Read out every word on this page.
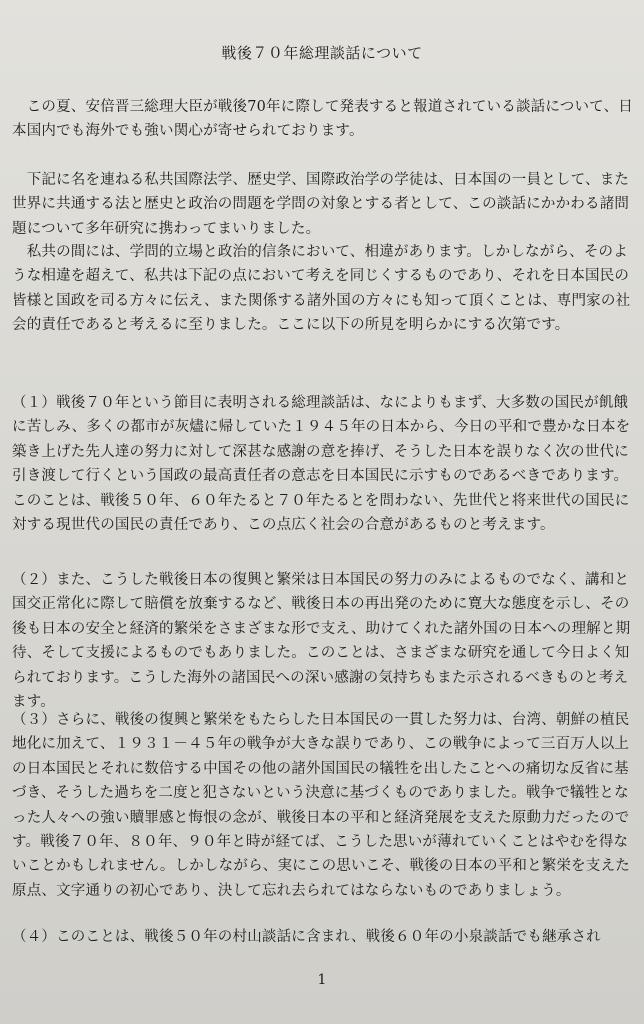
戦後７０年総理談話について

　この夏、安倍晋三総理大臣が戦後70年に際して発表すると報道されている談話について、日本国内でも海外でも強い関心が寄せられております。

　下記に名を連ねる私共国際法学、歴史学、国際政治学の学徒は、日本国の一員として、また世界に共通する法と歴史と政治の問題を学問の対象とする者として、この談話にかかわる諸問題について多年研究に携わってまいりました。

　私共の間には、学問的立場と政治的信条において、相違があります。しかしながら、そのような相違を超えて、私共は下記の点において考えを同じくするものであり、それを日本国民の皆様と国政を司る方々に伝え、また関係する諸外国の方々にも知って頂くことは、専門家の社会的責任であると考えるに至りました。ここに以下の所見を明らかにする次第です。

（１）戦後７０年という節目に表明される総理談話は、なによりもまず、大多数の国民が飢餓に苦しみ、多くの都市が灰燼に帰していた１９４５年の日本から、今日の平和で豊かな日本を築き上げた先人達の努力に対して深甚な感謝の意を捧げ、そうした日本を誤りなく次の世代に引き渡して行くという国政の最高責任者の意志を日本国民に示すものであるべきであります。このことは、戦後５０年、６０年たると７０年たるとを問わない、先世代と将来世代の国民に対する現世代の国民の責任であり、この点広く社会の合意があるものと考えます。

（２）また、こうした戦後日本の復興と繁栄は日本国民の努力のみによるものでなく、講和と国交正常化に際して賠償を放棄するなど、戦後日本の再出発のために寛大な態度を示し、その後も日本の安全と経済的繁栄をさまざまな形で支え、助けてくれた諸外国の日本への理解と期待、そして支援によるものでもありました。このことは、さまざまな研究を通して今日よく知られております。こうした海外の諸国民への深い感謝の気持ちもまた示されるべきものと考えます。

（３）さらに、戦後の復興と繁栄をもたらした日本国民の一貫した努力は、台湾、朝鮮の植民地化に加えて、１９３１－４５年の戦争が大きな誤りであり、この戦争によって三百万人以上の日本国民とそれに数倍する中国その他の諸外国国民の犠牲を出したことへの痛切な反省に基づき、そうした過ちを二度と犯さないという決意に基づくものでありました。戦争で犠牲となった人々への強い贖罪感と悔恨の念が、戦後日本の平和と経済発展を支えた原動力だったのです。戦後７０年、８０年、９０年と時が経てば、こうした思いが薄れていくことはやむを得ないことかもしれません。しかしながら、実にこの思いこそ、戦後の日本の平和と繁栄を支えた原点、文字通りの初心であり、決して忘れ去られてはならないものでありましょう。

（４）このことは、戦後５０年の村山談話に含まれ、戦後６０年の小泉談話でも継承され

1
